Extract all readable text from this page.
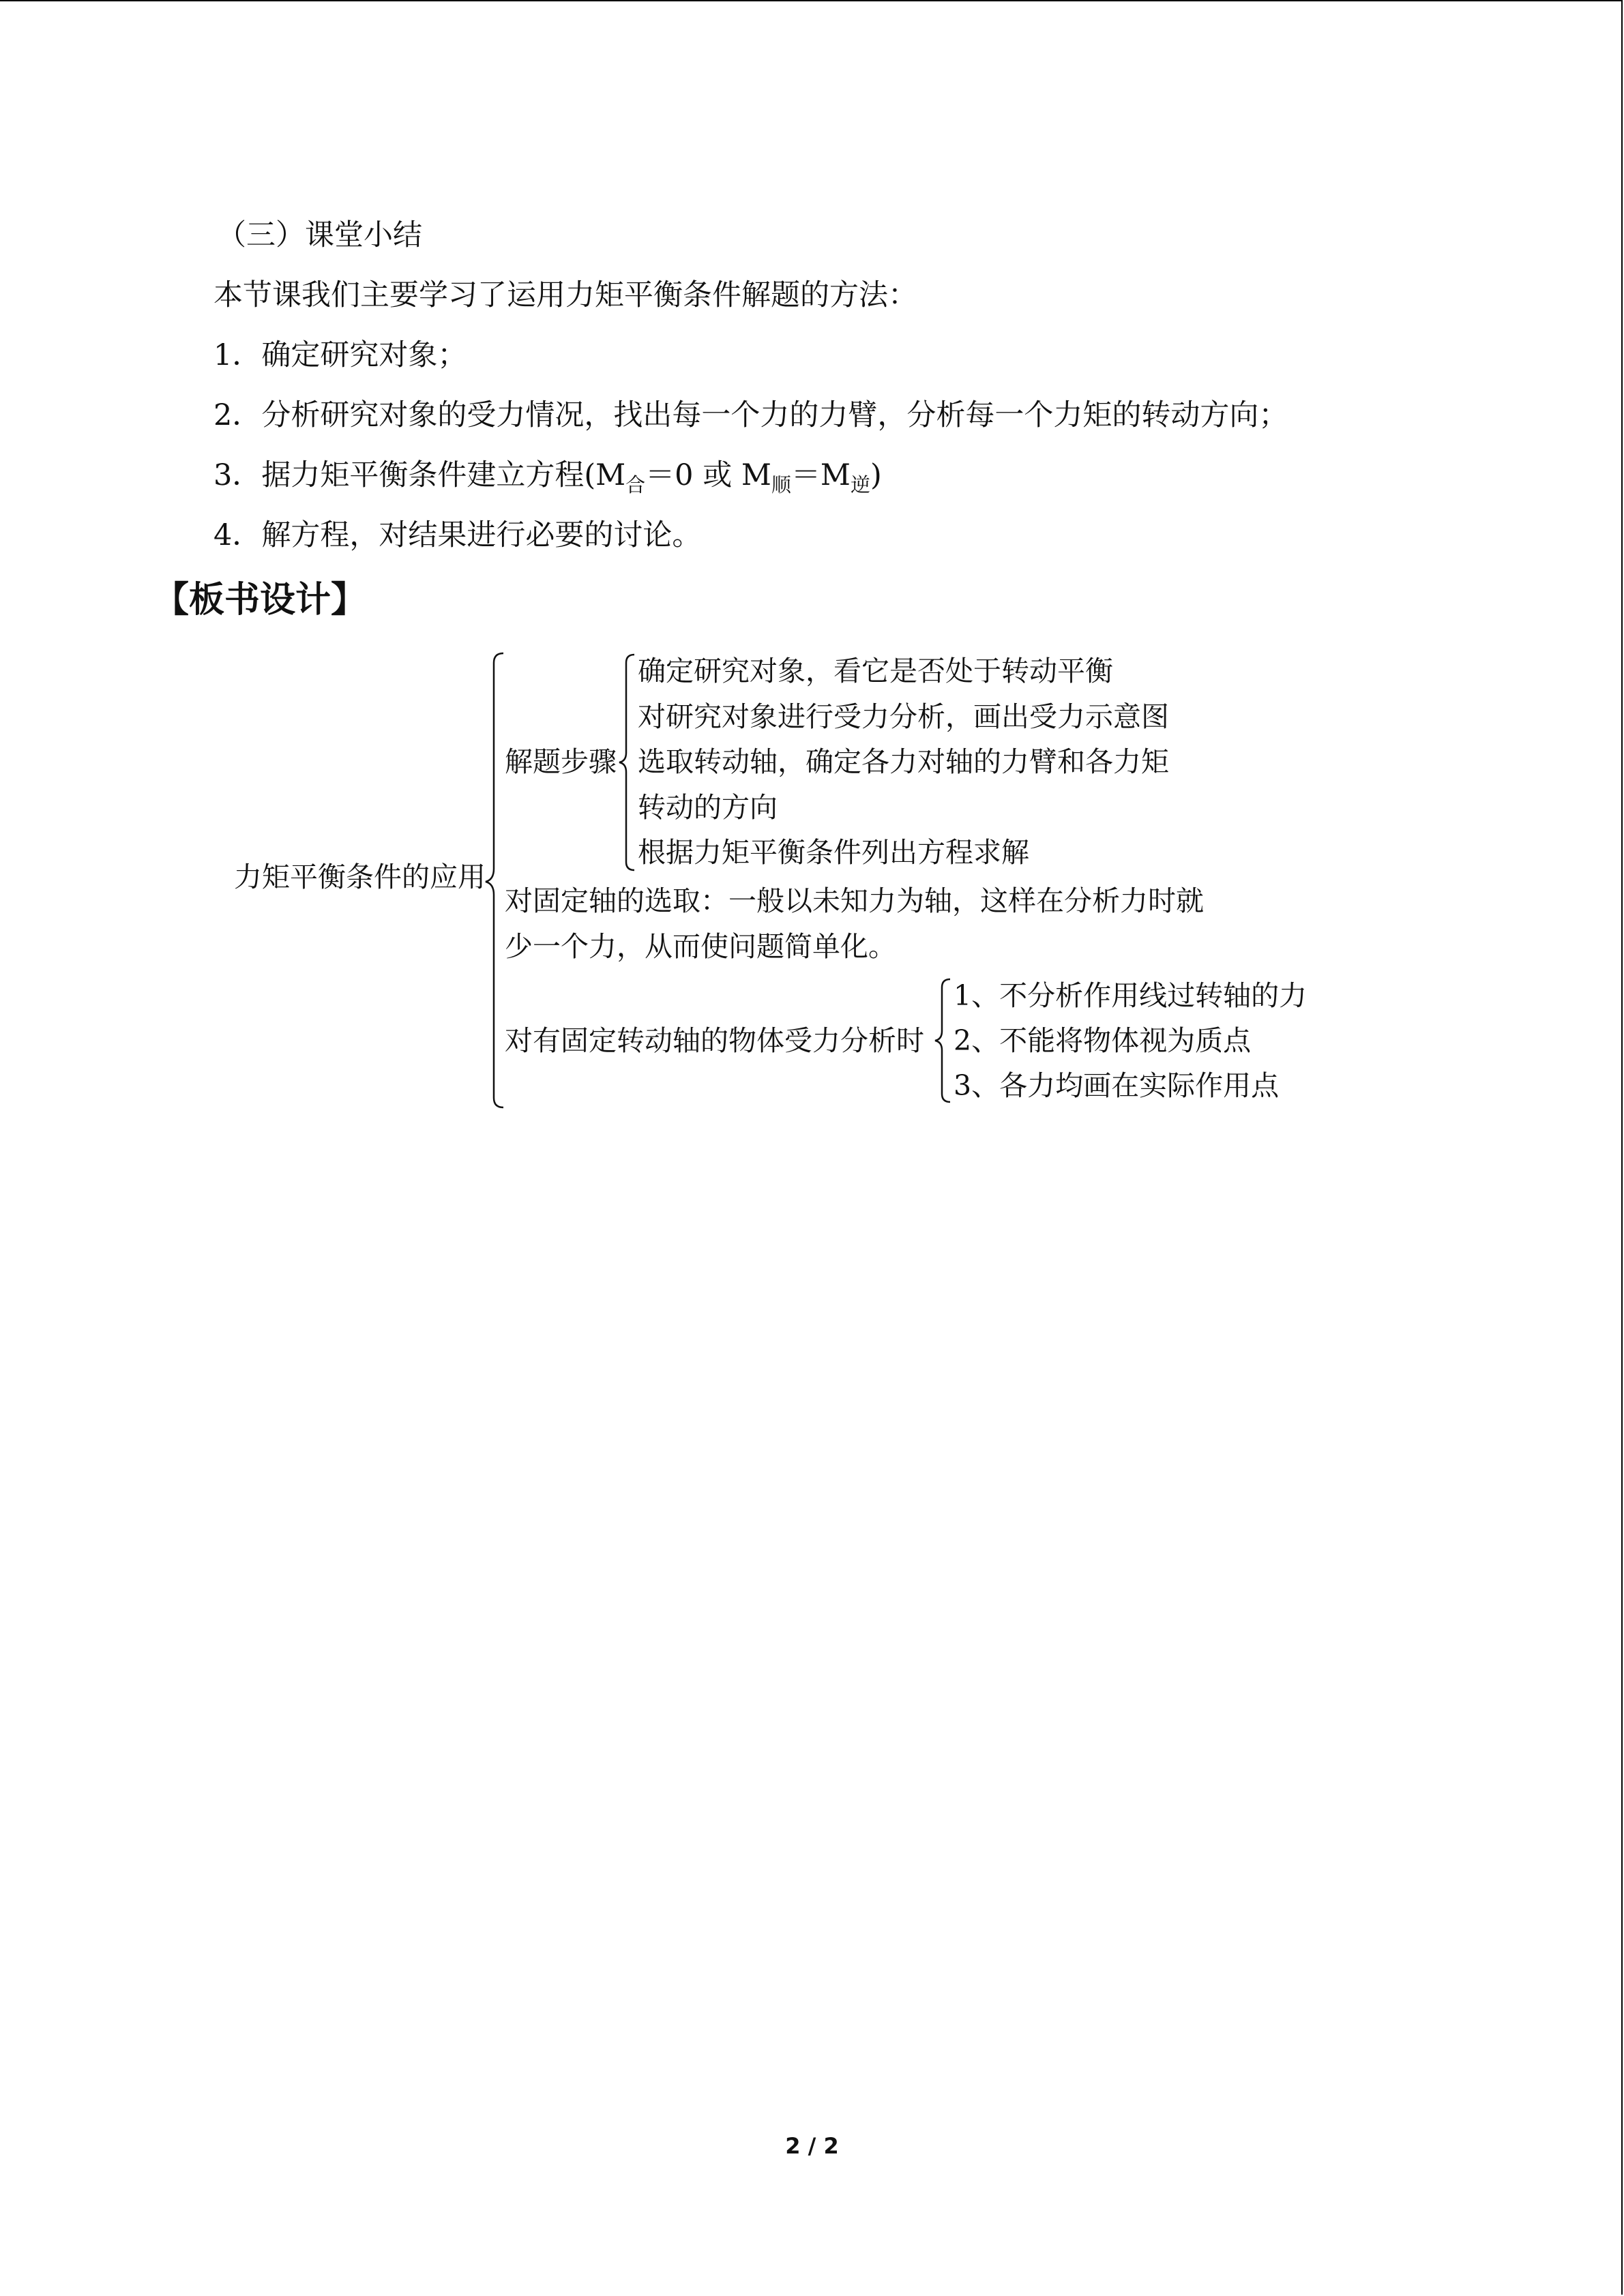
（三）课堂小结
本节课我们主要学习了运用力矩平衡条件解题的方法：
1．确定研究对象；
2．分析研究对象的受力情况，找出每一个力的力臂，分析每一个力矩的转动方向；
3．据力矩平衡条件建立方程($M_合=0$ 或 $M_顺=M_逆$)
4．解方程，对结果进行必要的讨论。
【板书设计】
力矩平衡条件的应用
解题步骤
确定研究对象，看它是否处于转动平衡
对研究对象进行受力分析，画出受力示意图
选取转动轴，确定各力对轴的力臂和各力矩
转动的方向
根据力矩平衡条件列出方程求解
对固定轴的选取：一般以未知力为轴，这样在分析力时就
少一个力，从而使问题简单化。
对有固定转动轴的物体受力分析时
1、不分析作用线过转轴的力
2、不能将物体视为质点
3、各力均画在实际作用点
2 / 2
